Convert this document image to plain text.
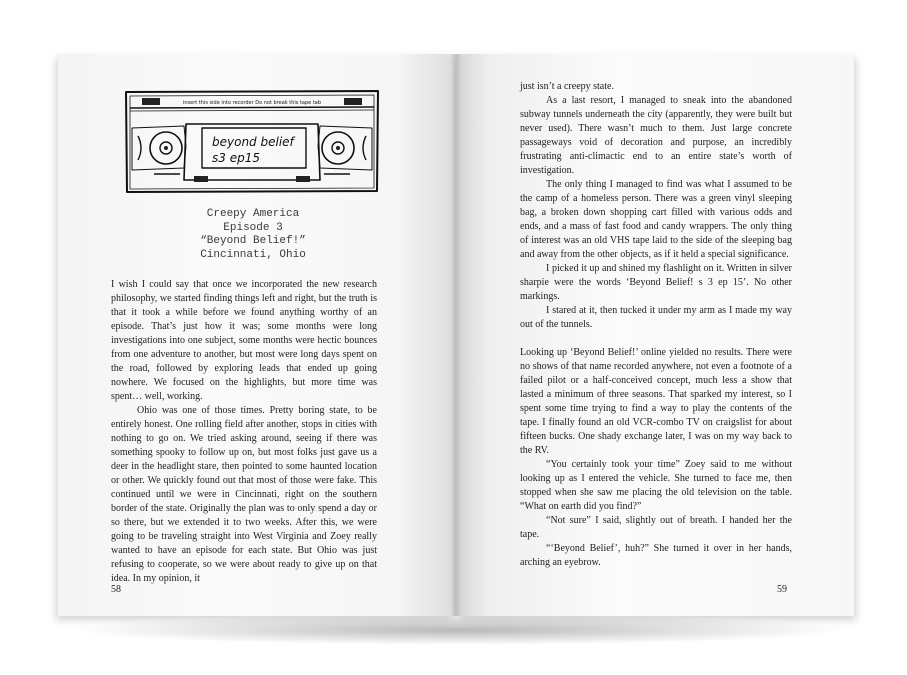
insert this side into recorder Do not break this tape tab
beyond belief
s3 ep15
Creepy America
Episode 3
“Beyond Belief!”
Cincinnati, Ohio

I wish I could say that once we incorporated the new research philosophy, we started finding things left and right, but the truth is that it took a while before we found anything worthy of an episode. That’s just how it was; some months were long investigations into one subject, some months were hectic bounces from one adventure to another, but most were long days spent on the road, followed by exploring leads that ended up going nowhere. We focused on the highlights, but more time was spent… well, working.

Ohio was one of those times. Pretty boring state, to be entirely honest. One rolling field after another, stops in cities with nothing to go on. We tried asking around, seeing if there was something spooky to follow up on, but most folks just gave us a deer in the headlight stare, then pointed to some haunted location or other. We quickly found out that most of those were fake. This continued until we were in Cincinnati, right on the southern border of the state. Originally the plan was to only spend a day or so there, but we extended it to two weeks. After this, we were going to be traveling straight into West Virginia and Zoey really wanted to have an episode for each state. But Ohio was just refusing to cooperate, so we were about ready to give up on that idea. In my opinion, it

58

just isn’t a creepy state.

As a last resort, I managed to sneak into the abandoned subway tunnels underneath the city (apparently, they were built but never used). There wasn’t much to them. Just large concrete passageways void of decoration and purpose, an incredibly frustrating anti-climactic end to an entire state’s worth of investigation.

The only thing I managed to find was what I assumed to be the camp of a homeless person. There was a green vinyl sleeping bag, a broken down shopping cart filled with various odds and ends, and a mass of fast food and candy wrappers. The only thing of interest was an old VHS tape laid to the side of the sleeping bag and away from the other objects, as if it held a special significance.

I picked it up and shined my flashlight on it. Written in silver sharpie were the words ‘Beyond Belief! s 3 ep 15’. No other markings.

I stared at it, then tucked it under my arm as I made my way out of the tunnels.

Looking up ‘Beyond Belief!’ online yielded no results. There were no shows of that name recorded anywhere, not even a footnote of a failed pilot or a half-conceived concept, much less a show that lasted a minimum of three seasons. That sparked my interest, so I spent some time trying to find a way to play the contents of the tape. I finally found an old VCR-combo TV on craigslist for about fifteen bucks. One shady exchange later, I was on my way back to the RV.

“You certainly took your time” Zoey said to me without looking up as I entered the vehicle. She turned to face me, then stopped when she saw me placing the old television on the table. “What on earth did you find?”

“Not sure” I said, slightly out of breath. I handed her the tape.

“‘Beyond Belief’, huh?” She turned it over in her hands, arching an eyebrow.

59
